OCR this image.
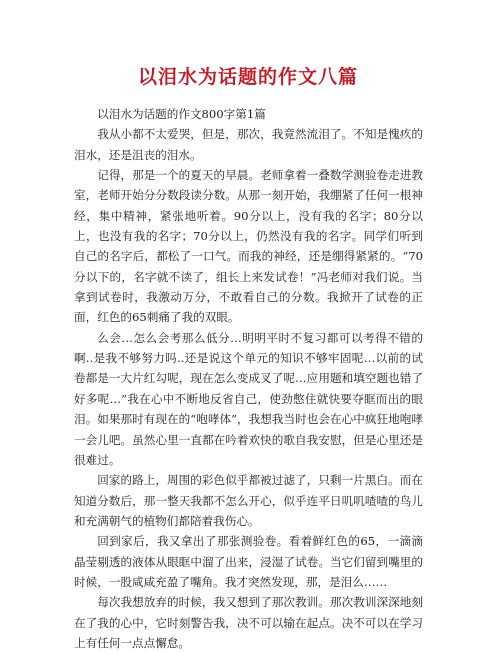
以泪水为话题的作文八篇

以泪水为话题的作文800字第1篇

我从小都不太爱哭，但是，那次，我竟然流泪了。不知是愧疚的泪水，还是沮丧的泪水。

记得，那是一个的夏天的早晨。老师拿着一叠数学测验卷走进教室，老师开始分分数段读分数。从那一刻开始，我绷紧了任何一根神经，集中精神，紧张地听着。90分以上，没有我的名字；80分以上，也没有我的名字；70分以上，仍然没有我的名字。同学们听到自己的名字后，都松了一口气。而我的神经，还是绷得紧紧的。“70分以下的，名字就不读了，组长上来发试卷！”冯老师对我们说。当拿到试卷时，我激动万分，不敢看自己的分数。我掀开了试卷的正面，红色的65刺痛了我的双眼。

么会…怎么会考那么低分…明明平时不复习都可以考得不错的啊..是我不够努力吗..还是说这个单元的知识不够牢固呢…以前的试卷都是一大片红勾呢，现在怎么变成叉了呢…应用题和填空题也错了好多呢…”我在心中不断地反省自己，使劲憋住就快要夺眶而出的眼泪。如果那时有现在的“咆哮体”，我想我当时也会在心中疯狂地咆哮一会儿吧。虽然心里一直都在吟着欢快的歌自我安慰，但是心里还是很难过。

回家的路上，周围的彩色似乎都被过滤了，只剩一片黑白。而在知道分数后，那一整天我都不怎么开心，似乎连平日叽叽喳喳的鸟儿和充满朝气的植物们都陪着我伤心。

回到家后，我又拿出了那张测验卷。看着鲜红色的65，一滴滴晶莹剔透的液体从眼眶中溜了出来，浸湿了试卷。当它们留到嘴里的时候，一股咸咸充盈了嘴角。我才突然发现，那，是泪么……

每次我想放弃的时候，我又想到了那次教训。那次教训深深地刻在了我的心中，它时刻警告我，决不可以输在起点。决不可以在学习上有任何一点点懈怠。
